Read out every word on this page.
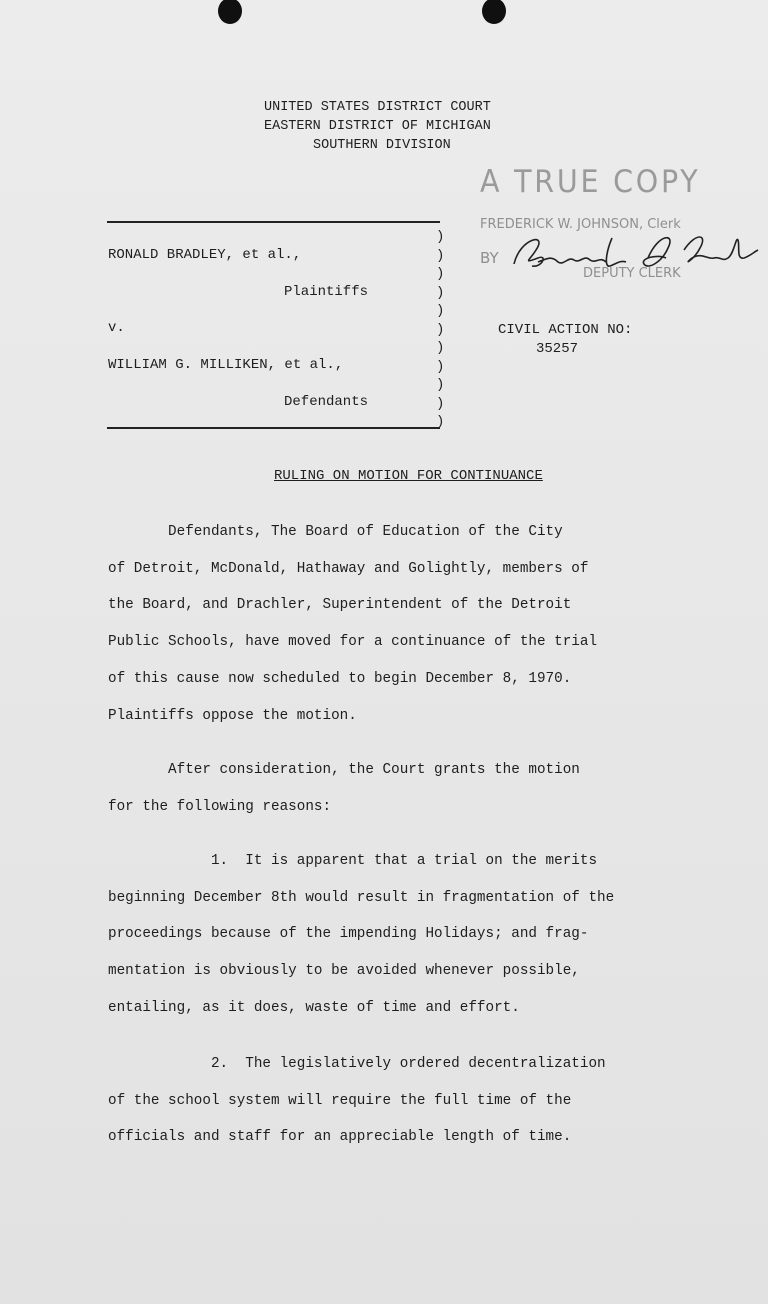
UNITED STATES DISTRICT COURT
EASTERN DISTRICT OF MICHIGAN
SOUTHERN DIVISION
A TRUE COPY
FREDERICK W. JOHNSON, Clerk
BY
DEPUTY CLERK
)
)
)
)
)
)
)
)
)
)
)
RONALD BRADLEY, et al.,
Plaintiffs
v.
WILLIAM G. MILLIKEN, et al.,
Defendants
CIVIL ACTION NO:
35257
RULING ON MOTION FOR CONTINUANCE
Defendants, The Board of Education of the City
of Detroit, McDonald, Hathaway and Golightly, members of
the Board, and Drachler, Superintendent of the Detroit
Public Schools, have moved for a continuance of the trial
of this cause now scheduled to begin December 8, 1970.
Plaintiffs oppose the motion.
After consideration, the Court grants the motion
for the following reasons:
1.  It is apparent that a trial on the merits
beginning December 8th would result in fragmentation of the
proceedings because of the impending Holidays; and frag-
mentation is obviously to be avoided whenever possible,
entailing, as it does, waste of time and effort.
2.  The legislatively ordered decentralization
of the school system will require the full time of the
officials and staff for an appreciable length of time.
